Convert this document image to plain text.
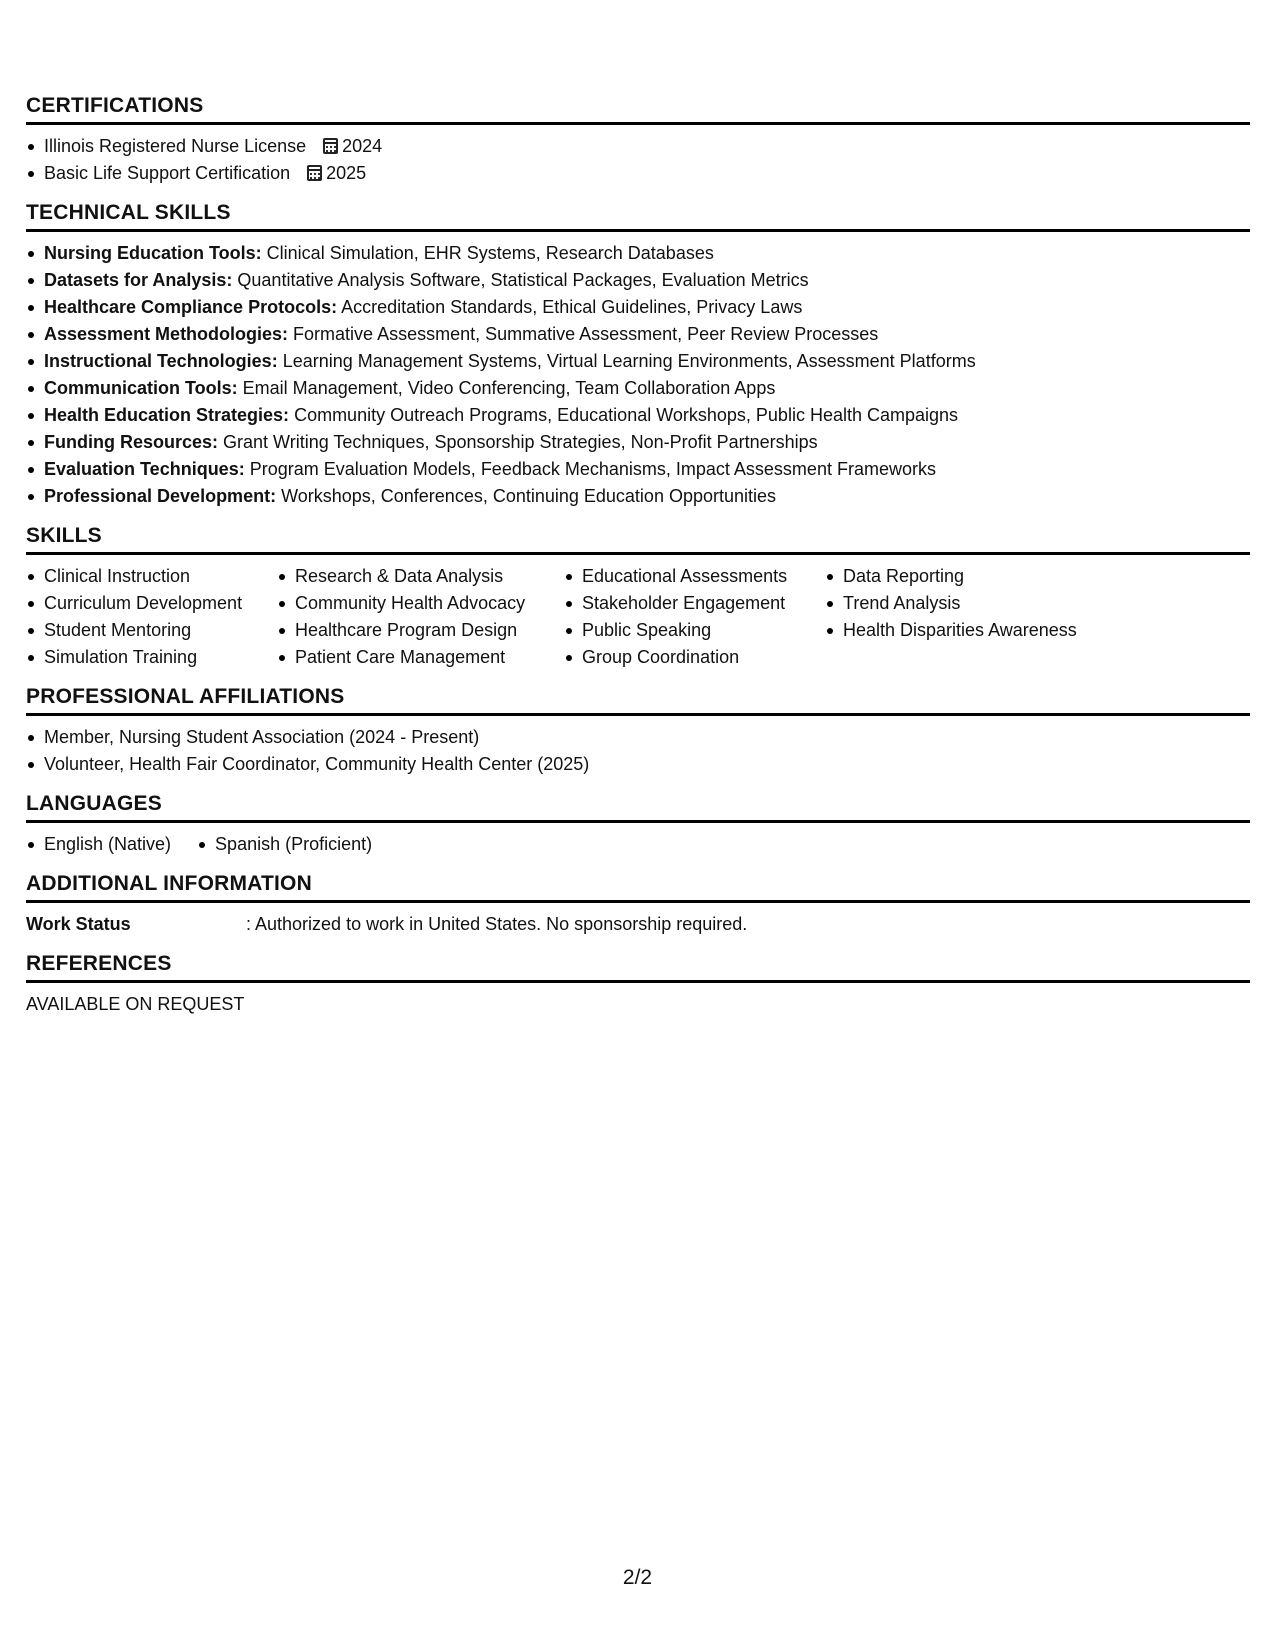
CERTIFICATIONS
Illinois Registered Nurse License 2024
Basic Life Support Certification 2025
TECHNICAL SKILLS
Nursing Education Tools: Clinical Simulation, EHR Systems, Research Databases
Datasets for Analysis: Quantitative Analysis Software, Statistical Packages, Evaluation Metrics
Healthcare Compliance Protocols: Accreditation Standards, Ethical Guidelines, Privacy Laws
Assessment Methodologies: Formative Assessment, Summative Assessment, Peer Review Processes
Instructional Technologies: Learning Management Systems, Virtual Learning Environments, Assessment Platforms
Communication Tools: Email Management, Video Conferencing, Team Collaboration Apps
Health Education Strategies: Community Outreach Programs, Educational Workshops, Public Health Campaigns
Funding Resources: Grant Writing Techniques, Sponsorship Strategies, Non-Profit Partnerships
Evaluation Techniques: Program Evaluation Models, Feedback Mechanisms, Impact Assessment Frameworks
Professional Development: Workshops, Conferences, Continuing Education Opportunities
SKILLS
Clinical Instruction
Curriculum Development
Student Mentoring
Simulation Training
Research & Data Analysis
Community Health Advocacy
Healthcare Program Design
Patient Care Management
Educational Assessments
Stakeholder Engagement
Public Speaking
Group Coordination
Data Reporting
Trend Analysis
Health Disparities Awareness
PROFESSIONAL AFFILIATIONS
Member, Nursing Student Association (2024 - Present)
Volunteer, Health Fair Coordinator, Community Health Center (2025)
LANGUAGES
English (Native)	Spanish (Proficient)
ADDITIONAL INFORMATION
Work Status	: Authorized to work in United States. No sponsorship required.
REFERENCES
AVAILABLE ON REQUEST
2/2
